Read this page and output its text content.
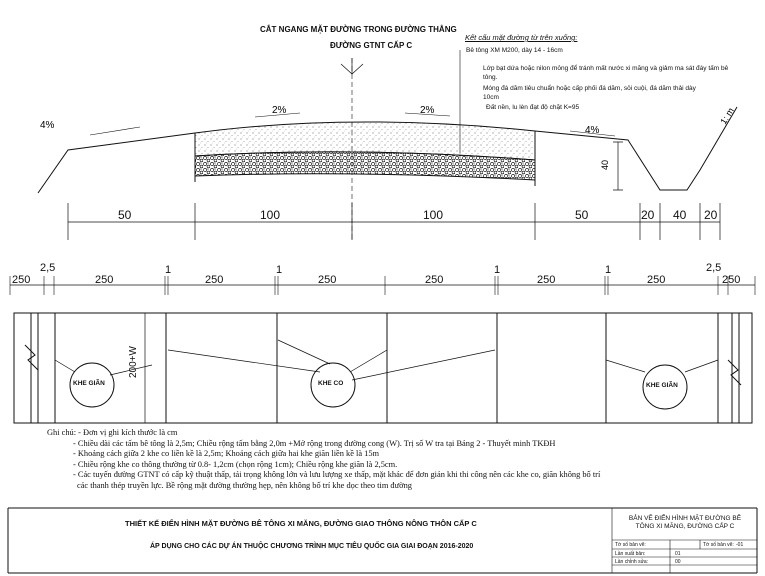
4%
2%	2%
4%
1: m
40
CẮT NGANG MẶT ĐƯỜNG TRONG ĐƯỜNG THẲNG
ĐƯỜNG GTNT CẤP C
Kết cấu mặt đường từ trên xuống:
Bê tông XM M200, dày 14 - 16cm
Lớp bạt dứa hoặc nilon mỏng để tránh mất nước xi măng và giảm ma sát đáy tấm bê tông.
Móng đá dăm tiêu chuẩn hoặc cấp phối đá dăm, sỏi cuội, đá dăm thải dày 10cm
Đất nền, lu lèn đạt độ chặt K=95
50	100	100	50	20 40 20
250
2,5
250
1
250
1
250	250
1
250
1
250
2,5
250
200+W
KHE GIÃN	KHE CO	KHE GIÃN
Ghi chú: - Đơn vị ghi kích thước là cm
- Chiều dài các tấm bê tông là 2,5m; Chiều rộng tấm bằng 2,0m +Mở rộng trong đường cong (W). Trị số W tra tại Bảng 2 - Thuyết minh TKĐH
- Khoảng cách giữa 2 khe co liền kề là 2,5m; Khoảng cách giữa hai khe giãn liền kề là 15m
- Chiều rộng khe co thông thường từ 0.8- 1,2cm (chọn rộng 1cm); Chiều rộng khe giãn là 2,5cm.
- Các tuyến đường GTNT có cấp kỹ thuật thấp, tải trọng không lớn và lưu lượng xe thấp, mặt khác để đơn giản khi thi công nên các khe co, giãn không bố trí
các thanh thép truyền lực. Bề rộng mặt đường thường hẹp, nên không bố trí khe dọc theo tim đường
THIẾT KẾ ĐIỂN HÌNH MẶT ĐƯỜNG BÊ TÔNG XI MĂNG, ĐƯỜNG GIAO THÔNG NÔNG THÔN CẤP C
ÁP DỤNG CHO CÁC DỰ ÁN THUỘC CHƯƠNG TRÌNH MỤC TIÊU QUỐC GIA GIAI ĐOẠN 2016-2020
BẢN VẼ ĐIỂN HÌNH MẶT ĐƯỜNG BÊ TÔNG XI MĂNG, ĐƯỜNG CẤP C
Tờ số bản vẽ:	Tờ số bản vẽ: -01
Lần xuất bản:	01
Lần chỉnh sửa:	00
